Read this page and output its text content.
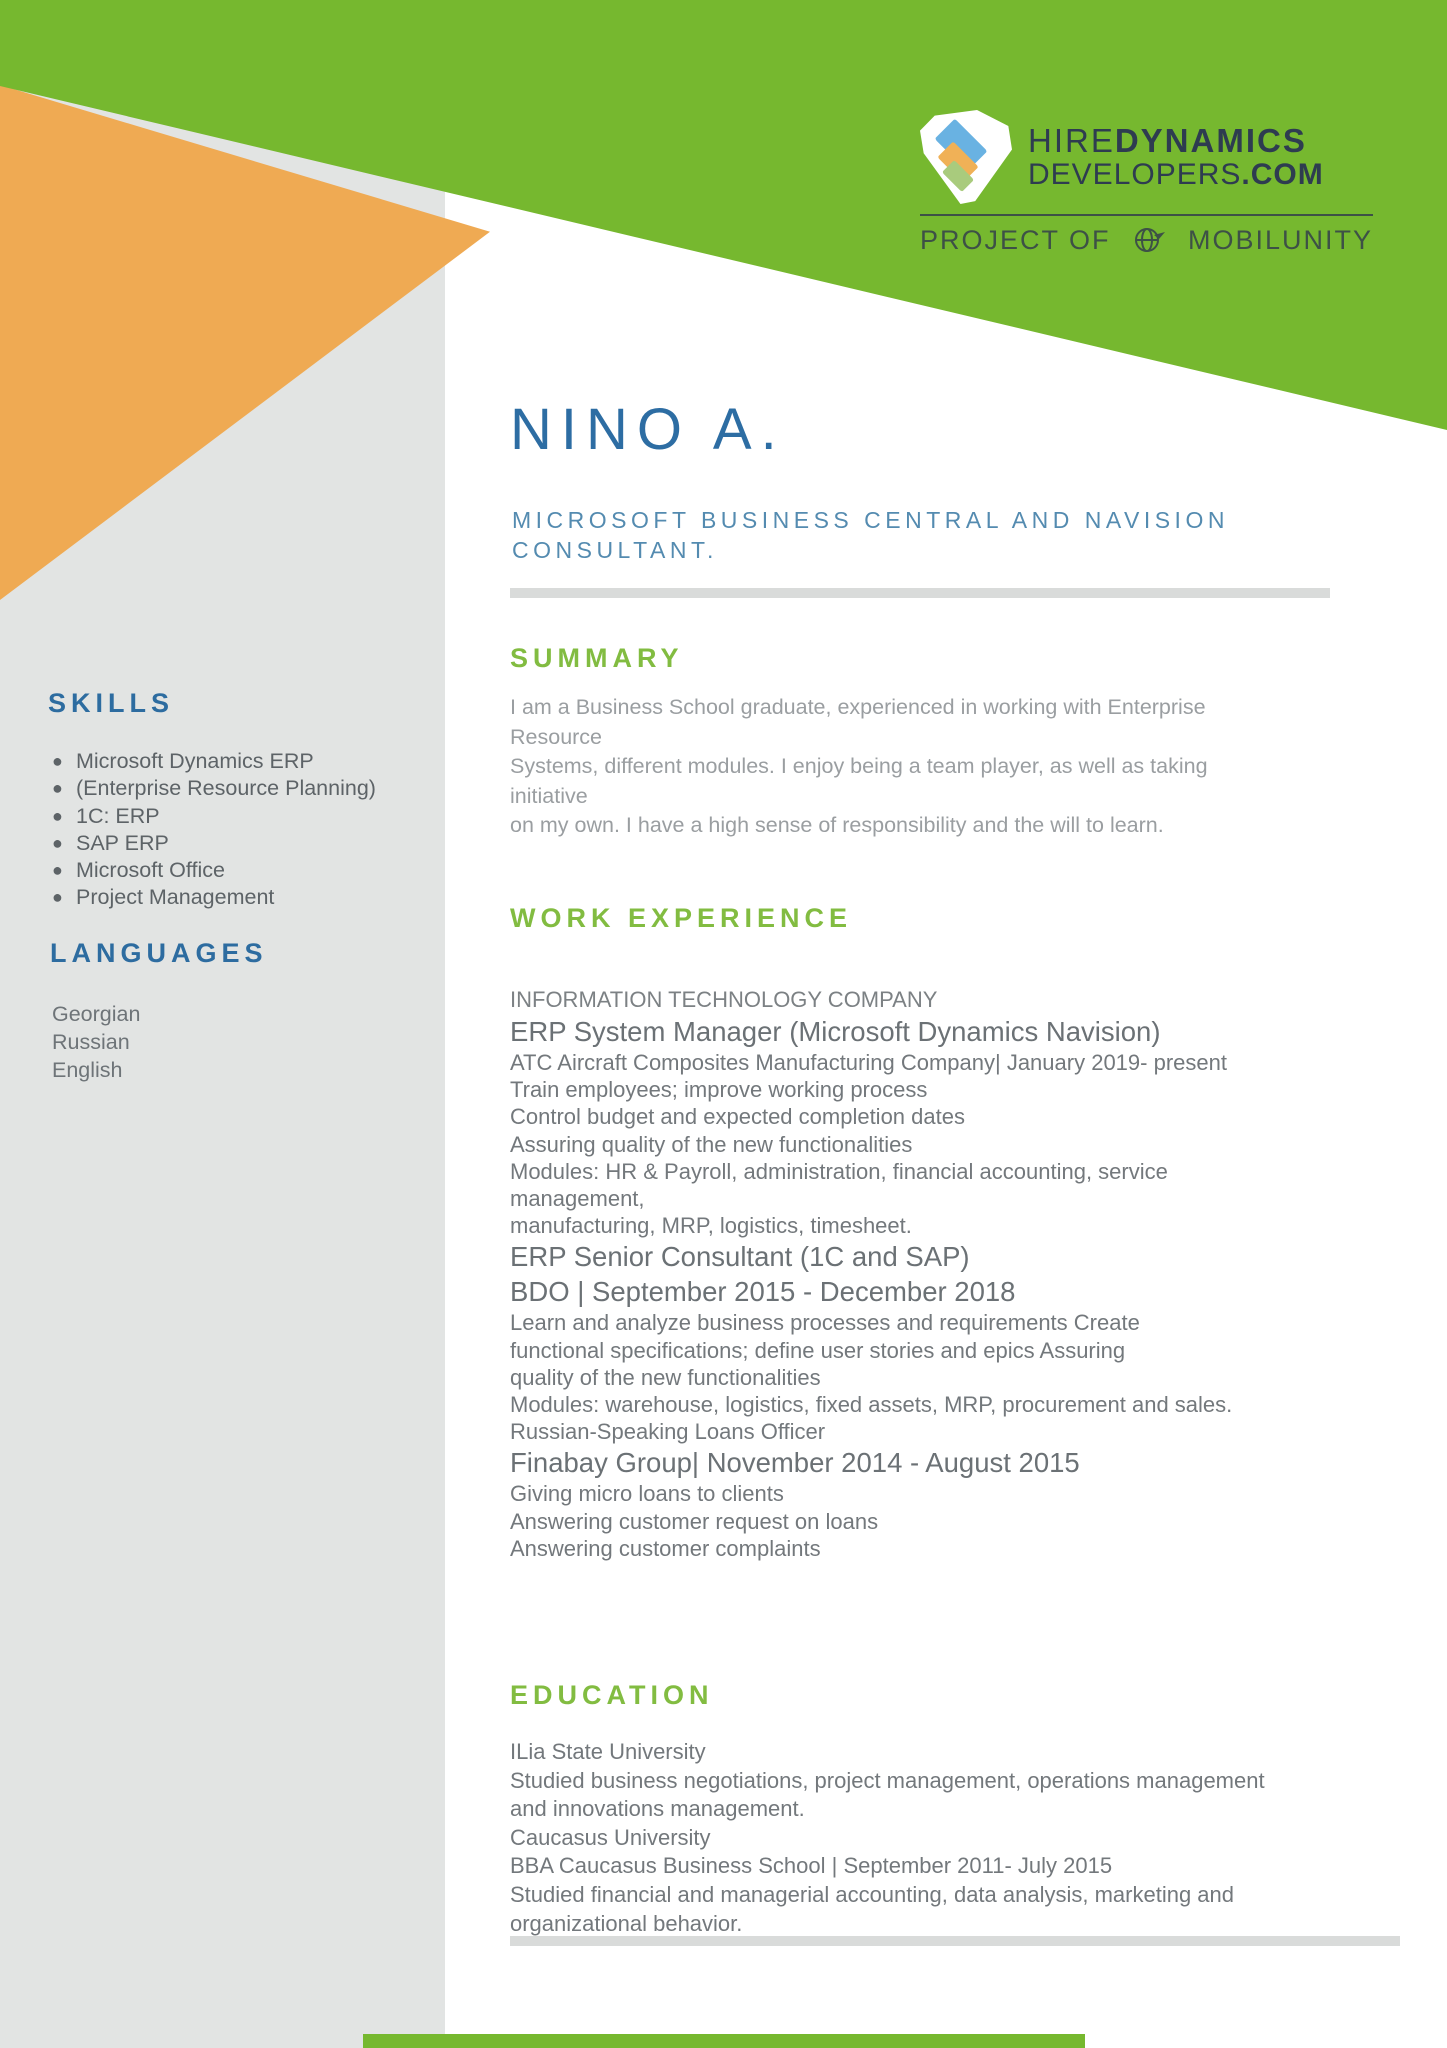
HIREDYNAMICS
DEVELOPERS.COM
PROJECT OF	MOBILUNITY
NINO A.
MICROSOFT BUSINESS CENTRAL AND NAVISION
CONSULTANT.
SKILLS
● Microsoft Dynamics ERP
● (Enterprise Resource Planning)
● 1C: ERP
● SAP ERP
● Microsoft Office
● Project Management
LANGUAGES
Georgian
Russian
English
SUMMARY
I am a Business School graduate, experienced in working with Enterprise
Resource
Systems, different modules. I enjoy being a team player, as well as taking
initiative
on my own. I have a high sense of responsibility and the will to learn.
WORK EXPERIENCE
INFORMATION TECHNOLOGY COMPANY
ERP System Manager (Microsoft Dynamics Navision)
ATC Aircraft Composites Manufacturing Company| January 2019- present
Train employees; improve working process
Control budget and expected completion dates
Assuring quality of the new functionalities
Modules: HR & Payroll, administration, financial accounting, service
management,
manufacturing, MRP, logistics, timesheet.
ERP Senior Consultant (1C and SAP)
BDO | September 2015 - December 2018
Learn and analyze business processes and requirements Create
functional specifications; define user stories and epics Assuring
quality of the new functionalities
Modules: warehouse, logistics, fixed assets, MRP, procurement and sales.
Russian-Speaking Loans Officer
Finabay Group| November 2014 - August 2015
Giving micro loans to clients
Answering customer request on loans
Answering customer complaints
EDUCATION
ILia State University
Studied business negotiations, project management, operations management
and innovations management.
Caucasus University
BBA Caucasus Business School | September 2011- July 2015
Studied financial and managerial accounting, data analysis, marketing and
organizational behavior.
